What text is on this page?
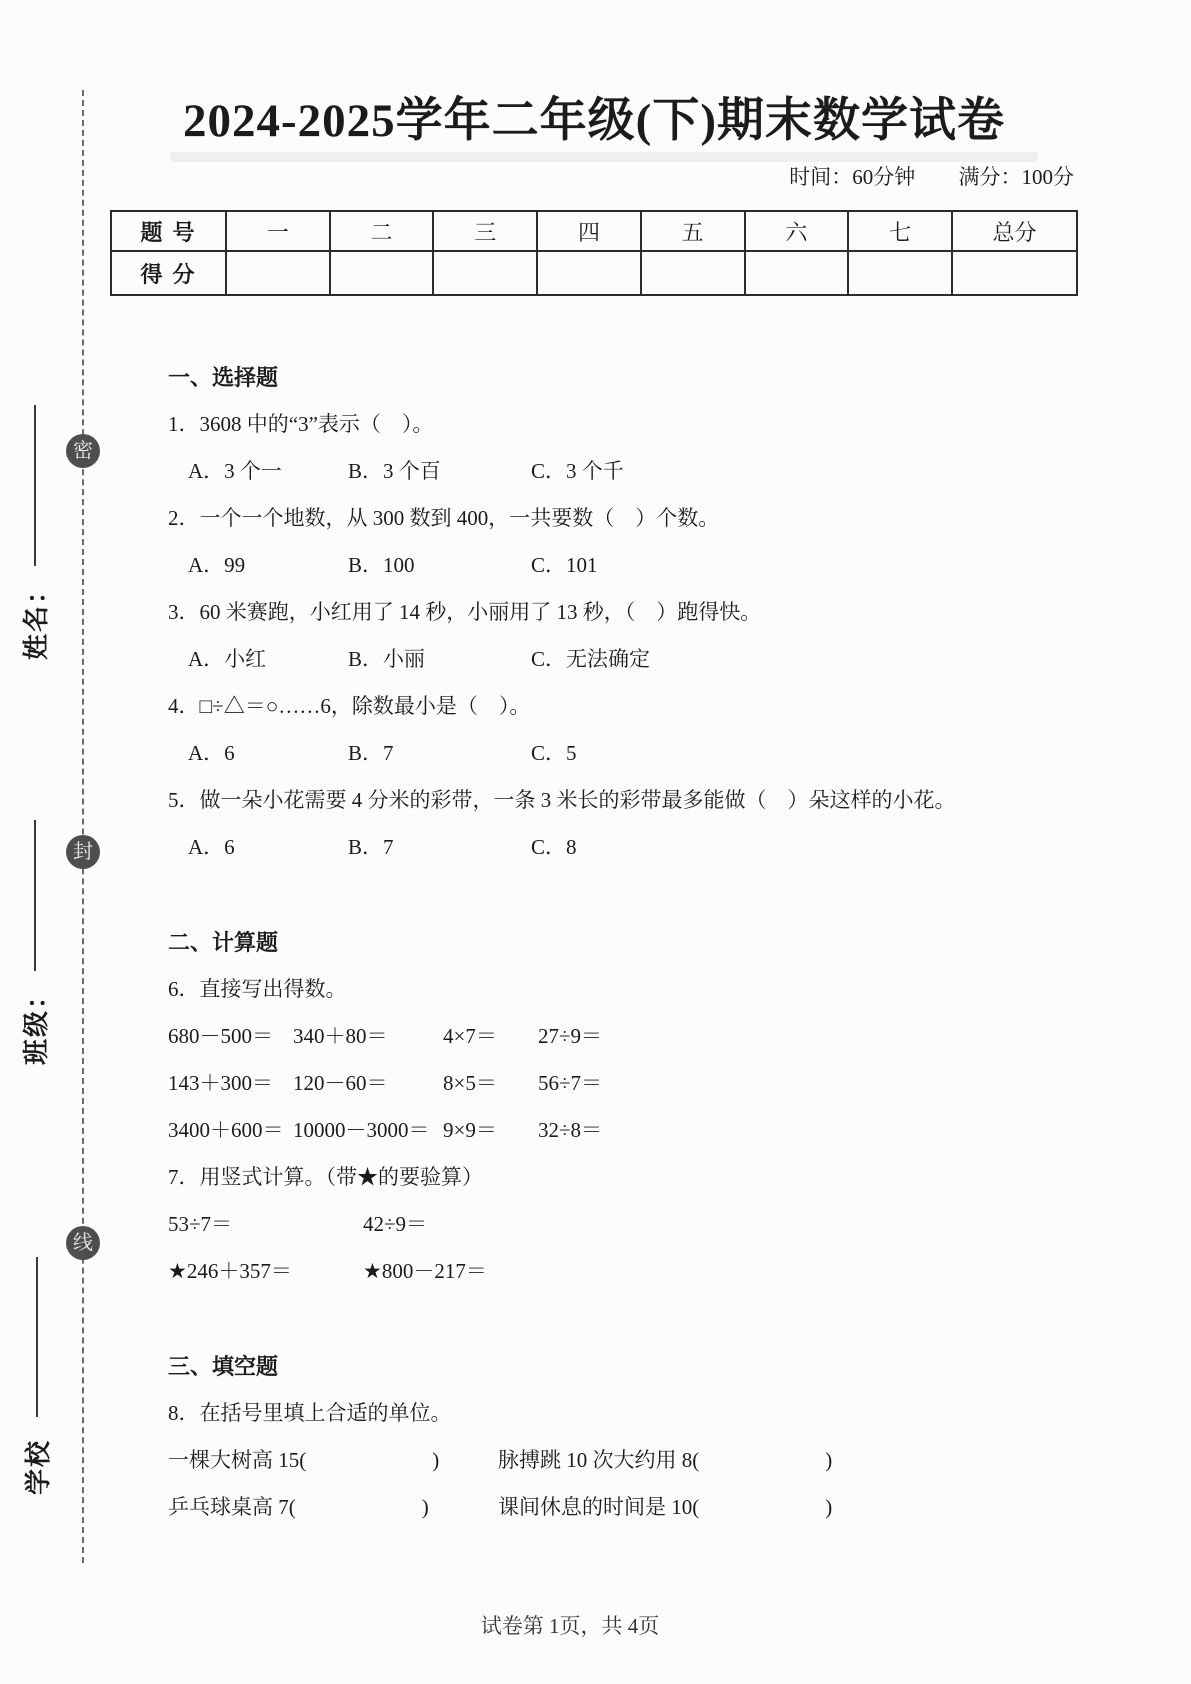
密
封
线
姓名：
班级：
学校
2024-2025学年二年级(下)期末数学试卷
时间：60分钟 满分：100分
题 号	一	二	三	四	五	六	七	总分
得 分								

一、选择题

1．3608 中的“3”表示（　）。

A．3 个一	B．3 个百	C．3 个千

2．一个一个地数，从 300 数到 400，一共要数（　）个数。

A．99	B．100	C．101

3．60 米赛跑，小红用了 14 秒，小丽用了 13 秒，（　）跑得快。

A．小红	B．小丽	C．无法确定

4．□÷△＝○……6，除数最小是（　）。

A．6	B．7	C．5

5．做一朵小花需要 4 分米的彩带，一条 3 米长的彩带最多能做（　）朵这样的小花。

A．6	B．7	C．8

二、计算题

6．直接写出得数。

680－500＝ 340＋80＝	4×7＝	27÷9＝
143＋300＝ 120－60＝	8×5＝	56÷7＝
3400＋600＝ 10000－3000＝ 9×9＝	32÷8＝

7．用竖式计算。（带★的要验算）

53÷7＝	42÷9＝
★246＋357＝	★800－217＝

三、填空题

8．在括号里填上合适的单位。

一棵大树高 15(　　　　　　)	脉搏跳 10 次大约用 8(　　　　　　)
乒乓球桌高 7(　　　　　　)	课间休息的时间是 10(　　　　　　)
试卷第 1页，共 4页
